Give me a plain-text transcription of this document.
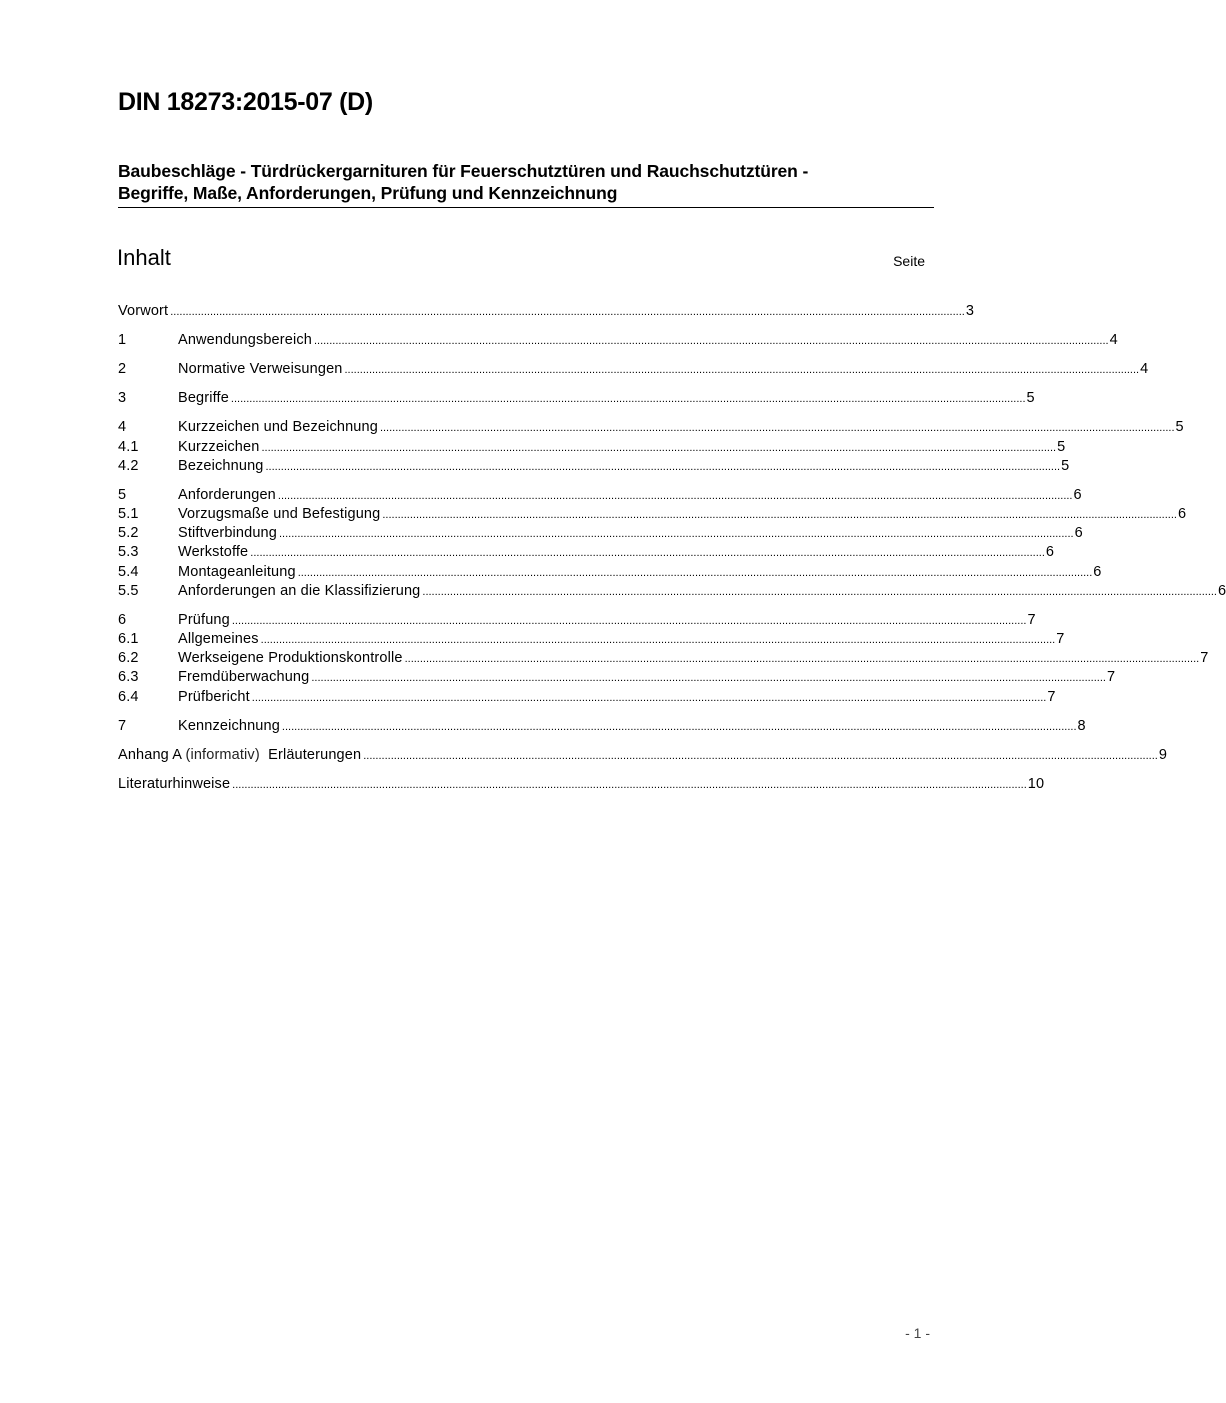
DIN 18273:2015-07 (D)
Baubeschläge - Türdrückergarnituren für Feuerschutztüren und Rauchschutztüren -
Begriffe, Maße, Anforderungen, Prüfung und Kennzeichnung
Inhalt	Seite
Vorwort .................................................................................................................................................................................................................................................................... 3
1	Anwendungsbereich .................................................................................................................................................................................................................................................................... 4
2	Normative Verweisungen .................................................................................................................................................................................................................................................................... 4
3	Begriffe .................................................................................................................................................................................................................................................................... 5
4	Kurzzeichen und Bezeichnung .................................................................................................................................................................................................................................................................... 5
4.1	Kurzzeichen .................................................................................................................................................................................................................................................................... 5
4.2	Bezeichnung .................................................................................................................................................................................................................................................................... 5
5	Anforderungen .................................................................................................................................................................................................................................................................... 6
5.1	Vorzugsmaße und Befestigung .................................................................................................................................................................................................................................................................... 6
5.2	Stiftverbindung .................................................................................................................................................................................................................................................................... 6
5.3	Werkstoffe .................................................................................................................................................................................................................................................................... 6
5.4	Montageanleitung .................................................................................................................................................................................................................................................................... 6
5.5	Anforderungen an die Klassifizierung .................................................................................................................................................................................................................................................................... 6
6	Prüfung .................................................................................................................................................................................................................................................................... 7
6.1	Allgemeines .................................................................................................................................................................................................................................................................... 7
6.2	Werkseigene Produktionskontrolle .................................................................................................................................................................................................................................................................... 7
6.3	Fremdüberwachung .................................................................................................................................................................................................................................................................... 7
6.4	Prüfbericht .................................................................................................................................................................................................................................................................... 7
7	Kennzeichnung .................................................................................................................................................................................................................................................................... 8
Anhang A (informativ) Erläuterungen .................................................................................................................................................................................................................................................................... 9
Literaturhinweise .................................................................................................................................................................................................................................................................... 10
- 1 -
